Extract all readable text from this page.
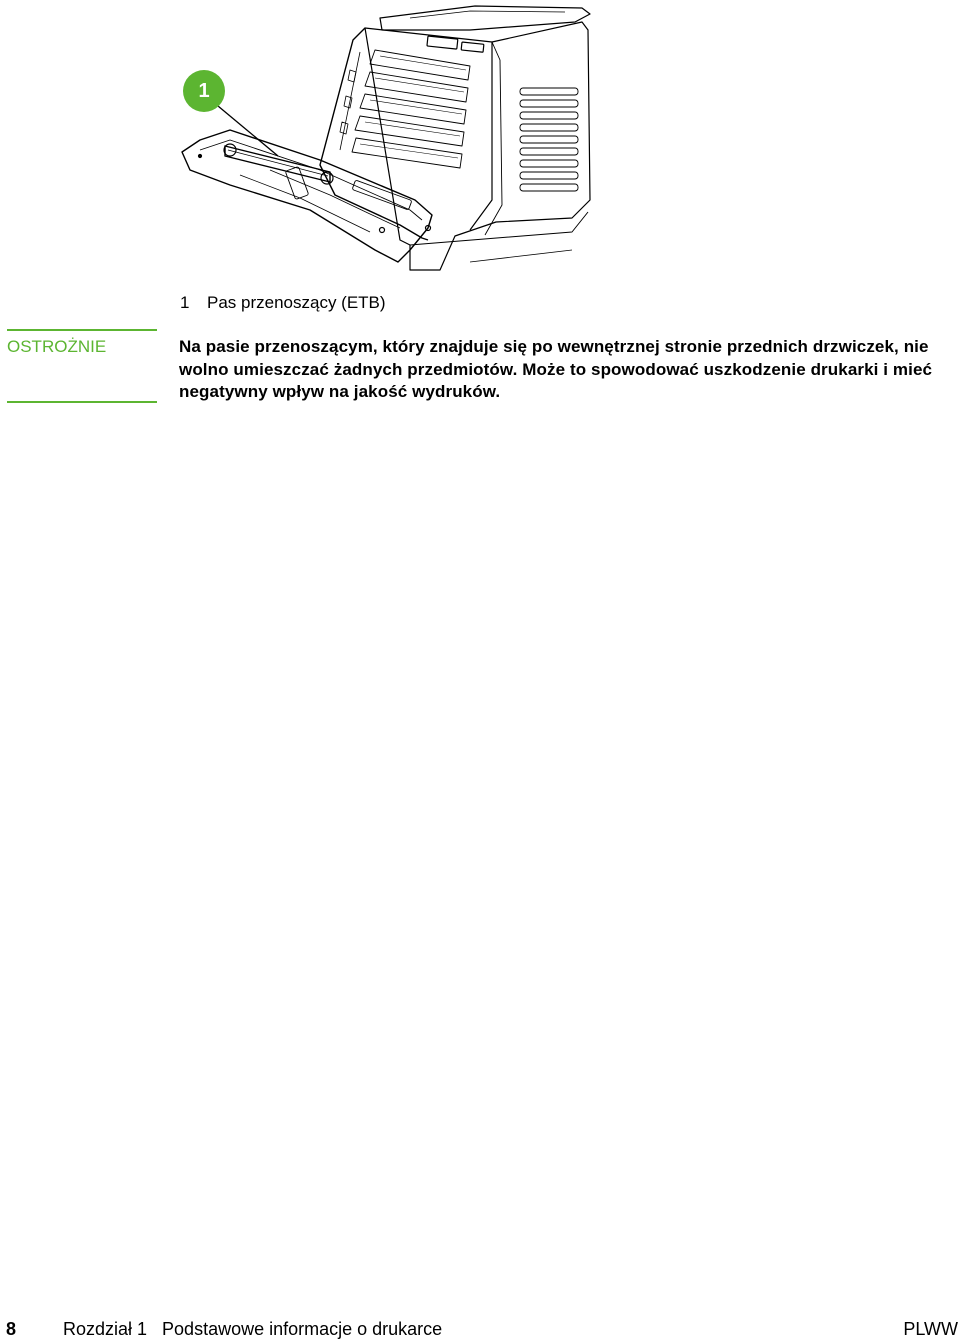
1
1 Pas przenoszący (ETB)
OSTROŻNIE	Na pasie przenoszącym, który znajduje się po wewnętrznej stronie przednich drzwiczek, nie wolno umieszczać żadnych przedmiotów. Może to spowodować uszkodzenie drukarki i mieć negatywny wpływ na jakość wydruków.
8	Rozdział 1   Podstawowe informacje o drukarce	PLWW
